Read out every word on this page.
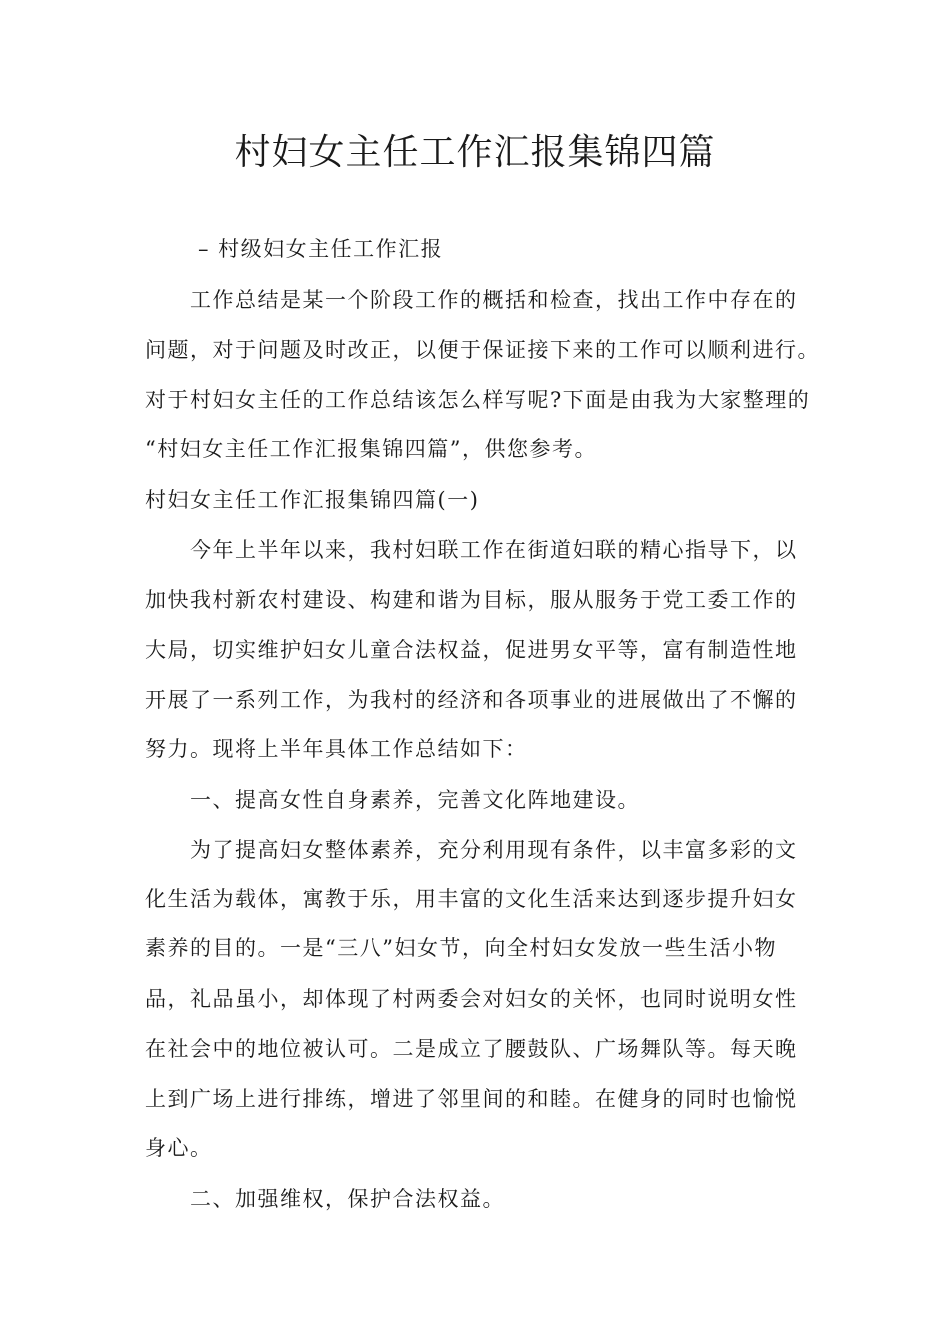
村妇女主任工作汇报集锦四篇

– 村级妇女主任工作汇报

工作总结是某一个阶段工作的概括和检查，找出工作中存在的

问题，对于问题及时改正，以便于保证接下来的工作可以顺利进行。

对于村妇女主任的工作总结该怎么样写呢?下面是由我为大家整理的

“村妇女主任工作汇报集锦四篇”，供您参考。

村妇女主任工作汇报集锦四篇(一)

今年上半年以来，我村妇联工作在街道妇联的精心指导下，以

加快我村新农村建设、构建和谐为目标，服从服务于党工委工作的

大局，切实维护妇女儿童合法权益，促进男女平等，富有制造性地

开展了一系列工作，为我村的经济和各项事业的进展做出了不懈的

努力。现将上半年具体工作总结如下：

一、提高女性自身素养，完善文化阵地建设。

为了提高妇女整体素养，充分利用现有条件，以丰富多彩的文

化生活为载体，寓教于乐，用丰富的文化生活来达到逐步提升妇女

素养的目的。一是“三八”妇女节，向全村妇女发放一些生活小物

品，礼品虽小，却体现了村两委会对妇女的关怀，也同时说明女性

在社会中的地位被认可。二是成立了腰鼓队、广场舞队等。每天晚

上到广场上进行排练，增进了邻里间的和睦。在健身的同时也愉悦

身心。

二、加强维权，保护合法权益。
